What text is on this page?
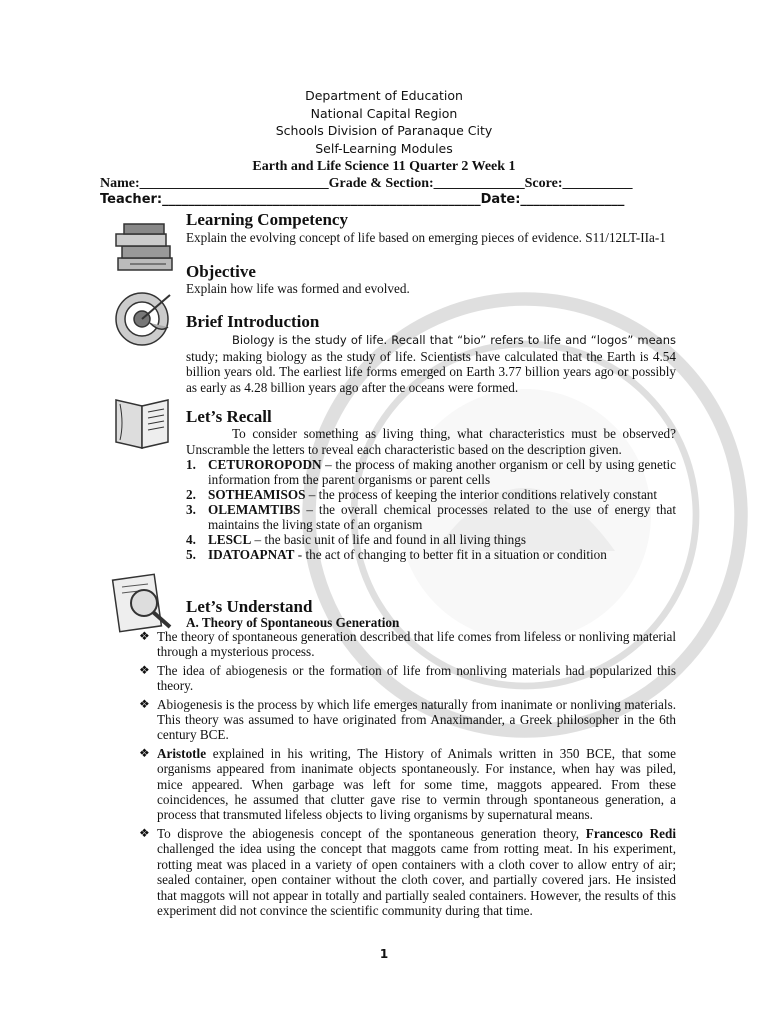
Department of Education
National Capital Region
Schools Division of Paranaque City
Self-Learning Modules
Earth and Life Science 11 Quarter 2 Week 1
Name:___________________________Grade & Section:_____________Score:__________
Teacher:_________________________________________________Date:________________
Learning Competency
Explain the evolving concept of life based on emerging pieces of evidence. S11/12LT-IIa-1
Objective
Explain how life was formed and evolved.
Brief Introduction
Biology is the study of life. Recall that “bio” refers to life and “logos” means study; making biology as the study of life. Scientists have calculated that the Earth is 4.54 billion years old. The earliest life forms emerged on Earth 3.77 billion years ago or possibly as early as 4.28 billion years ago after the oceans were formed.
Let’s Recall
To consider something as living thing, what characteristics must be observed? Unscramble the letters to reveal each characteristic based on the description given.
1. CETUROROPODN – the process of making another organism or cell by using genetic information from the parent organisms or parent cells
2. SOTHEAMISOS – the process of keeping the interior conditions relatively constant
3. OLEMAMTIBS – the overall chemical processes related to the use of energy that maintains the living state of an organism
4. LESCL – the basic unit of life and found in all living things
5. IDATOAPNAT - the act of changing to better fit in a situation or condition
Let’s Understand
A. Theory of Spontaneous Generation
❖ The theory of spontaneous generation described that life comes from lifeless or nonliving material through a mysterious process.
❖ The idea of abiogenesis or the formation of life from nonliving materials had popularized this theory.
❖ Abiogenesis is the process by which life emerges naturally from inanimate or nonliving materials. This theory was assumed to have originated from Anaximander, a Greek philosopher in the 6th century BCE.
❖ Aristotle explained in his writing, The History of Animals written in 350 BCE, that some organisms appeared from inanimate objects spontaneously. For instance, when hay was piled, mice appeared. When garbage was left for some time, maggots appeared. From these coincidences, he assumed that clutter gave rise to vermin through spontaneous generation, a process that transmuted lifeless objects to living organisms by supernatural means.
❖ To disprove the abiogenesis concept of the spontaneous generation theory, Francesco Redi challenged the idea using the concept that maggots came from rotting meat. In his experiment, rotting meat was placed in a variety of open containers with a cloth cover to allow entry of air; sealed container, open container without the cloth cover, and partially covered jars. He insisted that maggots will not appear in totally and partially sealed containers. However, the results of this experiment did not convince the scientific community during that time.
1
